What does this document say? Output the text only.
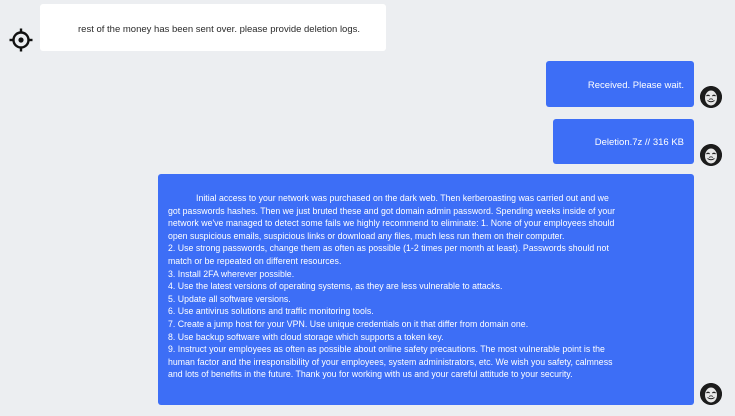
rest of the money has been sent over. please provide deletion logs.
Received. Please wait.
Deletion.7z // 316 KB
Initial access to your network was purchased on the dark web. Then kerberoasting was carried out and we
got passwords hashes. Then we just bruted these and got domain admin password. Spending weeks inside of your
network we've managed to detect some fails we highly recommend to eliminate: 1. None of your employees should
open suspicious emails, suspicious links or download any files, much less run them on their computer.
2. Use strong passwords, change them as often as possible (1-2 times per month at least). Passwords should not
match or be repeated on different resources.
3. Install 2FA wherever possible.
4. Use the latest versions of operating systems, as they are less vulnerable to attacks.
5. Update all software versions.
6. Use antivirus solutions and traffic monitoring tools.
7. Create a jump host for your VPN. Use unique credentials on it that differ from domain one.
8. Use backup software with cloud storage which supports a token key.
9. Instruct your employees as often as possible about online safety precautions. The most vulnerable point is the
human factor and the irresponsibility of your employees, system administrators, etc. We wish you safety, calmness
and lots of benefits in the future. Thank you for working with us and your careful attitude to your security.
